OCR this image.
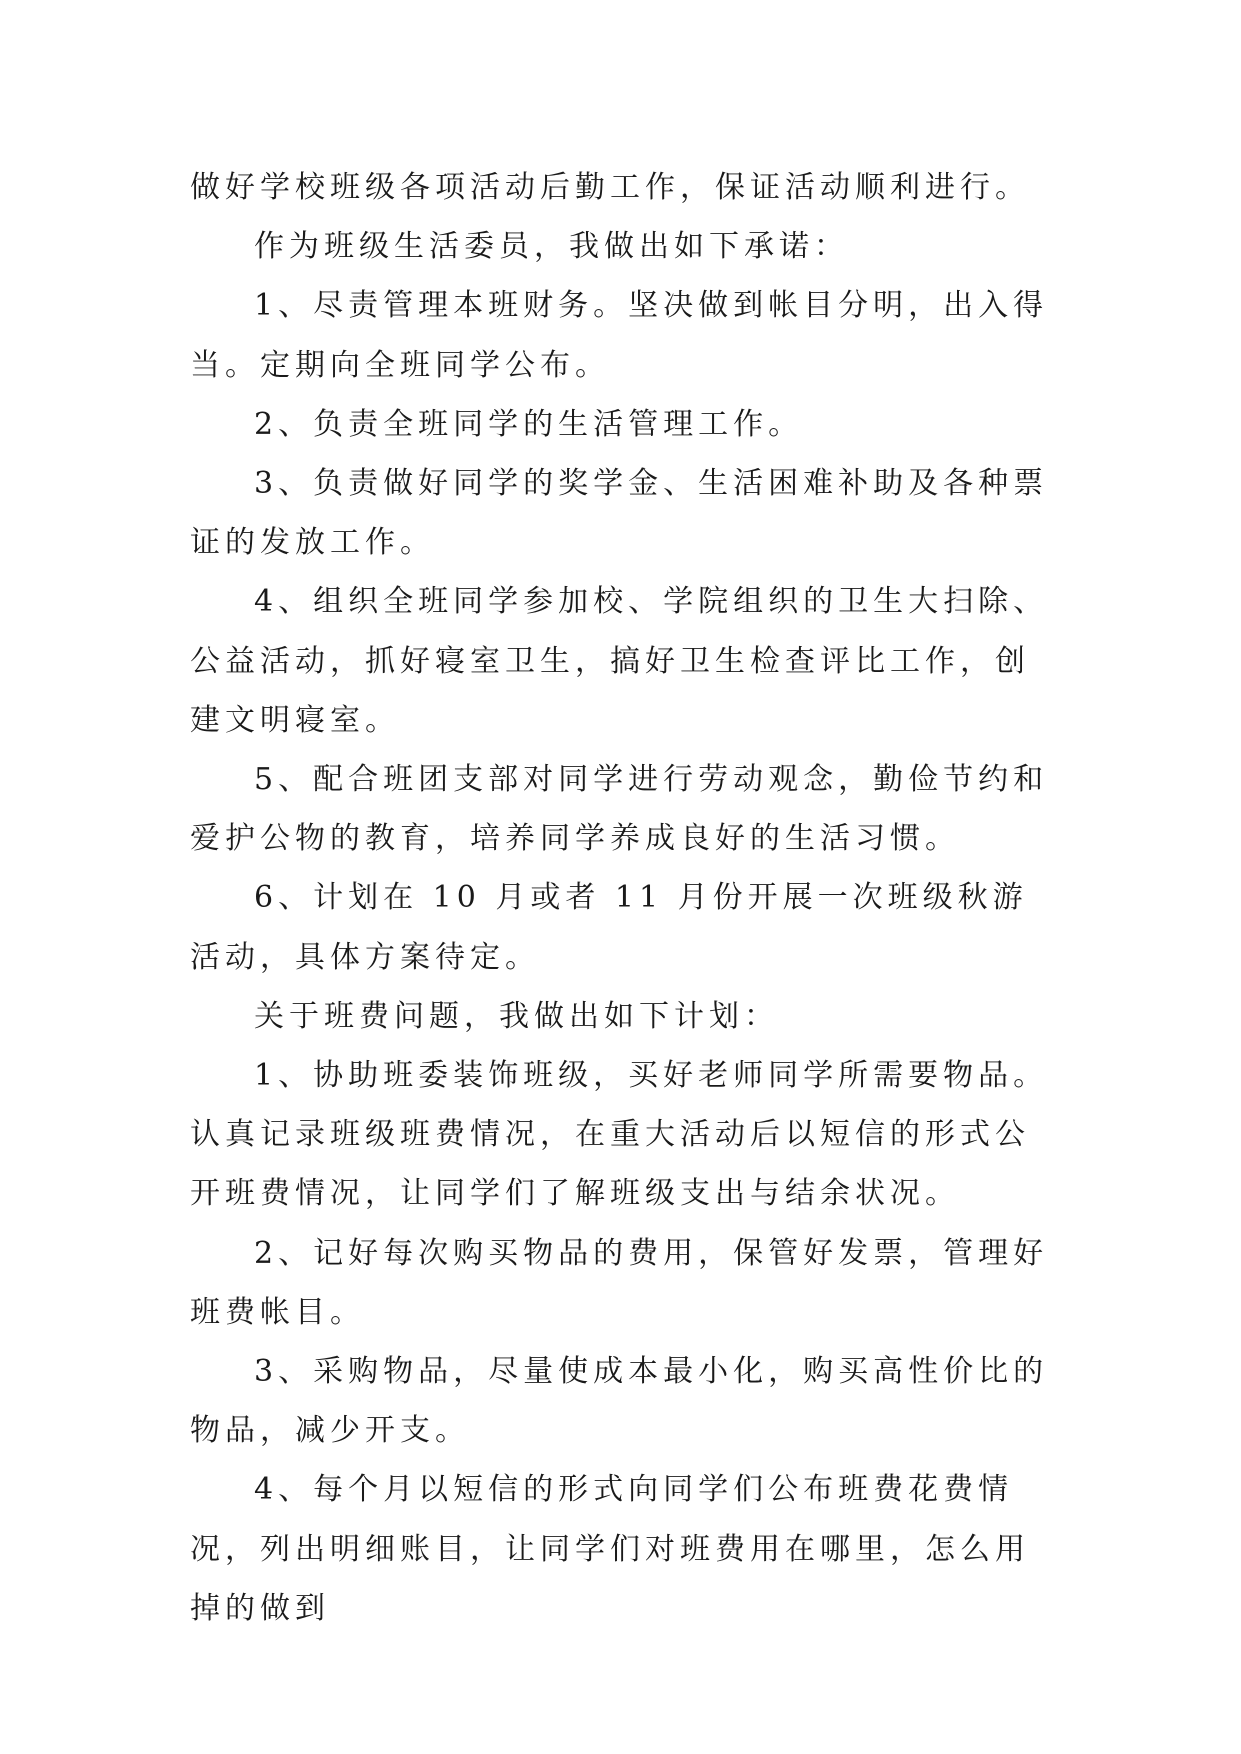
做好学校班级各项活动后勤工作，保证活动顺利进行。

作为班级生活委员，我做出如下承诺：

1、尽责管理本班财务。坚决做到帐目分明，出入得当。定期向全班同学公布。

2、负责全班同学的生活管理工作。

3、负责做好同学的奖学金、生活困难补助及各种票证的发放工作。

4、组织全班同学参加校、学院组织的卫生大扫除、公益活动，抓好寝室卫生，搞好卫生检查评比工作，创建文明寝室。

5、配合班团支部对同学进行劳动观念，勤俭节约和爱护公物的教育，培养同学养成良好的生活习惯。

6、计划在 10 月或者 11 月份开展一次班级秋游活动，具体方案待定。

关于班费问题，我做出如下计划：

1、协助班委装饰班级，买好老师同学所需要物品。认真记录班级班费情况，在重大活动后以短信的形式公开班费情况，让同学们了解班级支出与结余状况。

2、记好每次购买物品的费用，保管好发票，管理好班费帐目。

3、采购物品，尽量使成本最小化，购买高性价比的物品，减少开支。

4、每个月以短信的形式向同学们公布班费花费情况，列出明细账目，让同学们对班费用在哪里，怎么用掉的做到
